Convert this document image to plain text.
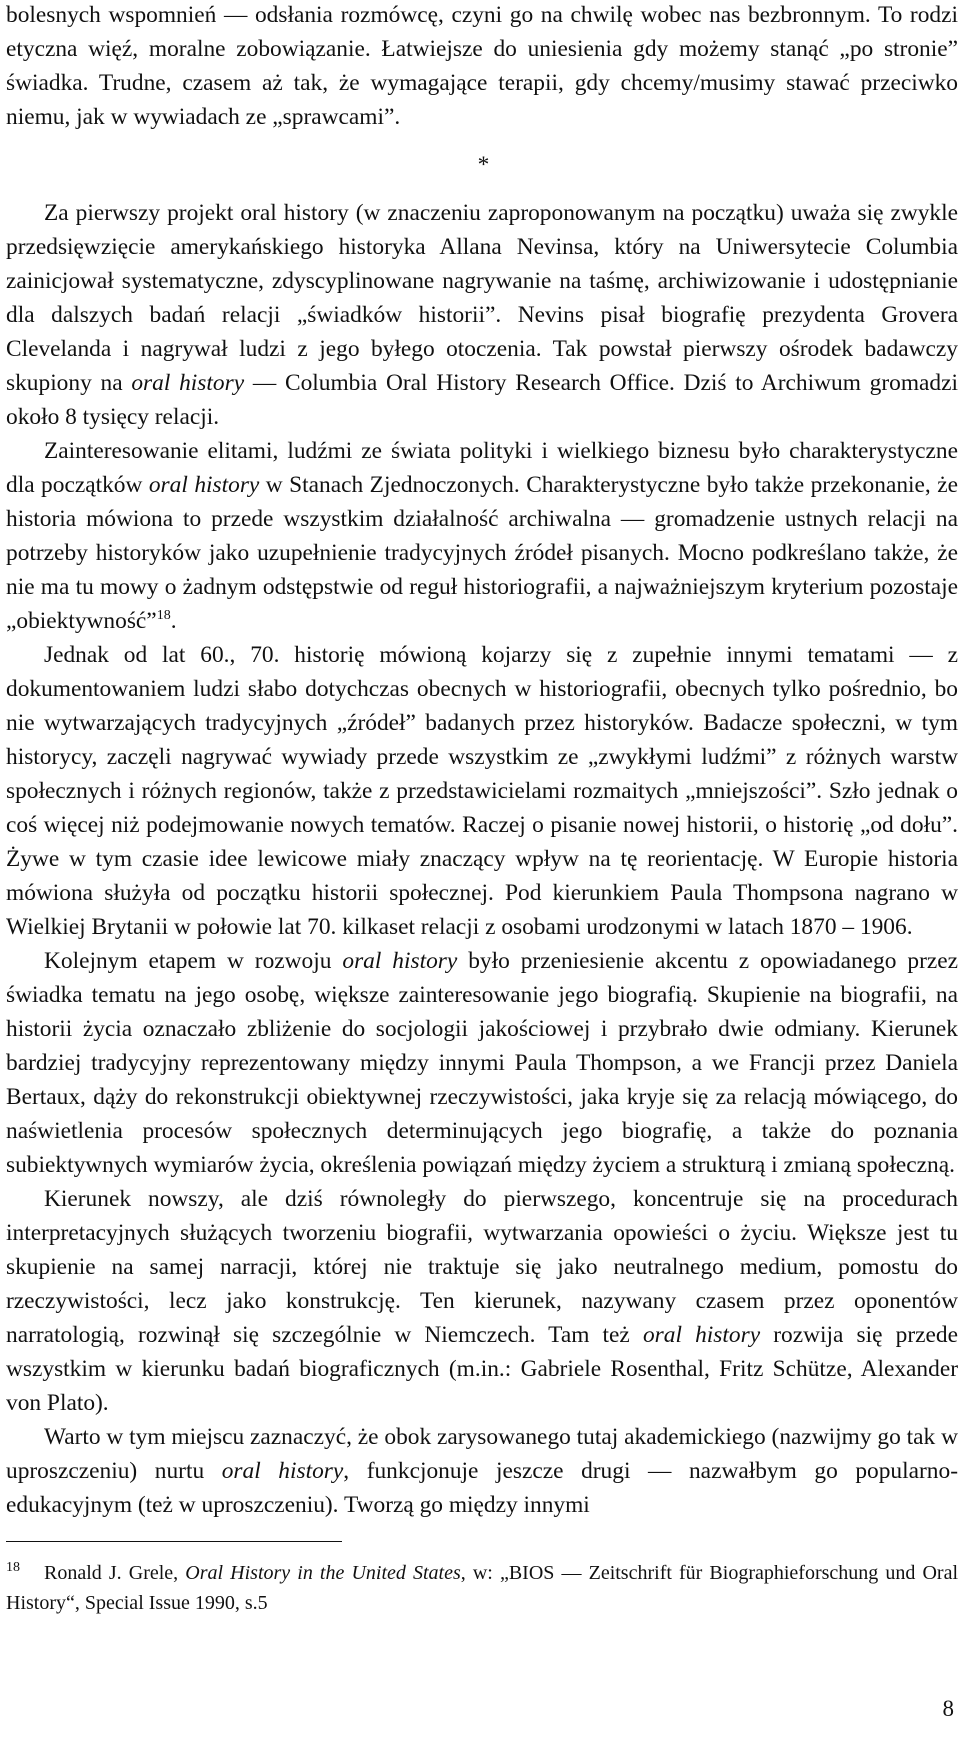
bolesnych wspomnień — odsłania rozmówcę, czyni go na chwilę wobec nas bezbronnym. To rodzi etyczna więź, moralne zobowiązanie. Łatwiejsze do uniesienia gdy możemy stanąć „po stronie” świadka. Trudne, czasem aż tak, że wymagające terapii, gdy chcemy/musimy stawać przeciwko niemu, jak w wywiadach ze „sprawcami”.

*

Za pierwszy projekt oral history (w znaczeniu zaproponowanym na początku) uważa się zwykle przedsięwzięcie amerykańskiego historyka Allana Nevinsa, który na Uniwersytecie Columbia zainicjował systematyczne, zdyscyplinowane nagrywanie na taśmę, archiwizowanie i udostępnianie dla dalszych badań relacji „świadków historii”. Nevins pisał biografię prezydenta Grovera Clevelanda i nagrywał ludzi z jego byłego otoczenia. Tak powstał pierwszy ośrodek badawczy skupiony na oral history — Columbia Oral History Research Office. Dziś to Archiwum gromadzi około 8 tysięcy relacji.

Zainteresowanie elitami, ludźmi ze świata polityki i wielkiego biznesu było charakterystyczne dla początków oral history w Stanach Zjednoczonych. Charakterystyczne było także przekonanie, że historia mówiona to przede wszystkim działalność archiwalna — gromadzenie ustnych relacji na potrzeby historyków jako uzupełnienie tradycyjnych źródeł pisanych. Mocno podkreślano także, że nie ma tu mowy o żadnym odstępstwie od reguł historiografii, a najważniejszym kryterium pozostaje „obiektywność”$^{18}$.

Jednak od lat 60., 70. historię mówioną kojarzy się z zupełnie innymi tematami — z dokumentowaniem ludzi słabo dotychczas obecnych w historiografii, obecnych tylko pośrednio, bo nie wytwarzających tradycyjnych „źródeł” badanych przez historyków. Badacze społeczni, w tym historycy, zaczęli nagrywać wywiady przede wszystkim ze „zwykłymi ludźmi” z różnych warstw społecznych i różnych regionów, także z przedstawicielami rozmaitych „mniejszości”. Szło jednak o coś więcej niż podejmowanie nowych tematów. Raczej o pisanie nowej historii, o historię „od dołu”. Żywe w tym czasie idee lewicowe miały znaczący wpływ na tę reorientację. W Europie historia mówiona służyła od początku historii społecznej. Pod kierunkiem Paula Thompsona nagrano w Wielkiej Brytanii w połowie lat 70. kilkaset relacji z osobami urodzonymi w latach 1870 – 1906.

Kolejnym etapem w rozwoju oral history było przeniesienie akcentu z opowiadanego przez świadka tematu na jego osobę, większe zainteresowanie jego biografią. Skupienie na biografii, na historii życia oznaczało zbliżenie do socjologii jakościowej i przybrało dwie odmiany. Kierunek bardziej tradycyjny reprezentowany między innymi Paula Thompson, a we Francji przez Daniela Bertaux, dąży do rekonstrukcji obiektywnej rzeczywistości, jaka kryje się za relacją mówiącego, do naświetlenia procesów społecznych determinujących jego biografię, a także do poznania subiektywnych wymiarów życia, określenia powiązań między życiem a strukturą i zmianą społeczną.

Kierunek nowszy, ale dziś równoległy do pierwszego, koncentruje się na procedurach interpretacyjnych służących tworzeniu biografii, wytwarzania opowieści o życiu. Większe jest tu skupienie na samej narracji, której nie traktuje się jako neutralnego medium, pomostu do rzeczywistości, lecz jako konstrukcję. Ten kierunek, nazywany czasem przez oponentów narratologią, rozwinął się szczególnie w Niemczech. Tam też oral history rozwija się przede wszystkim w kierunku badań biograficznych (m.in.: Gabriele Rosenthal, Fritz Schütze, Alexander von Plato).

Warto w tym miejscu zaznaczyć, że obok zarysowanego tutaj akademickiego (nazwijmy go tak w uproszczeniu) nurtu oral history, funkcjonuje jeszcze drugi — nazwałbym go popularno-edukacyjnym (też w uproszczeniu). Tworzą go między innymi

$^{18}$ Ronald J. Grele, Oral History in the United States, w: „BIOS — Zeitschrift für Biographieforschung und Oral History“, Special Issue 1990, s.5

8
